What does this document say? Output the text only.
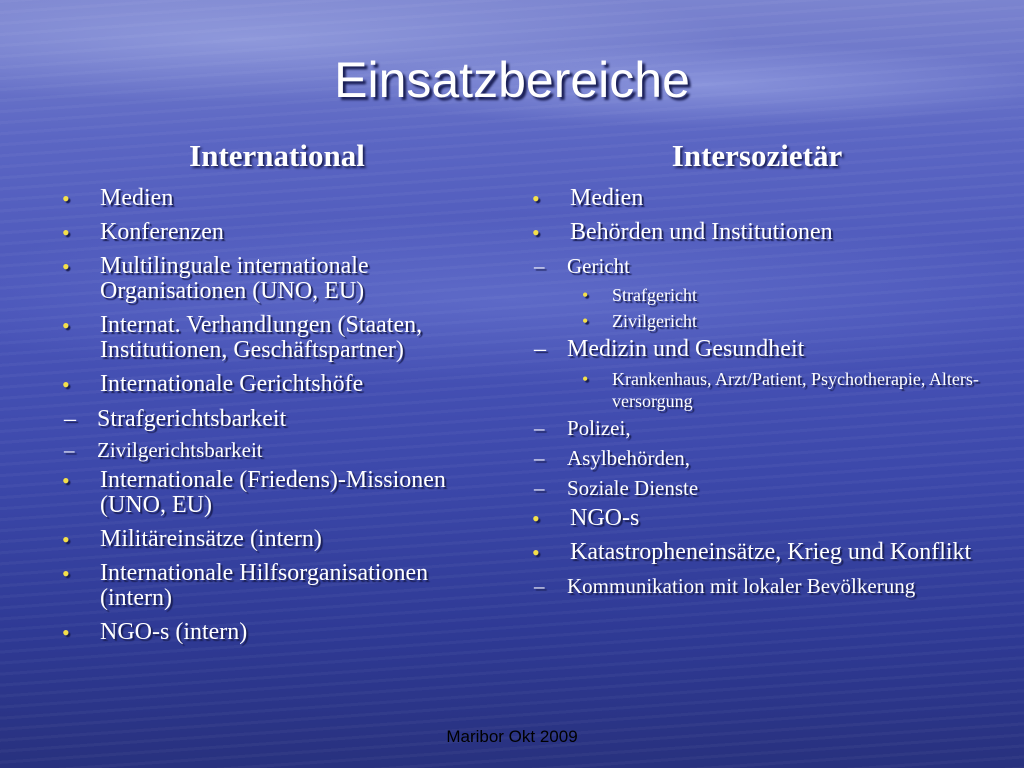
Einsatzbereiche
International
• Medien
• Konferenzen
• Multilinguale internationale Organisationen (UNO, EU)
• Internat. Verhandlungen (Staaten, Institutionen, Geschäftspartner)
• Internationale Gerichtshöfe
– Strafgerichtsbarkeit
– Zivilgerichtsbarkeit
• Internationale (Friedens)-Missionen (UNO, EU)
• Militäreinsätze (intern)
• Internationale Hilfsorganisationen (intern)
• NGO-s (intern)
Intersozietär
• Medien
• Behörden und Institutionen
– Gericht
• Strafgericht
• Zivilgericht
– Medizin und Gesundheit
• Krankenhaus, Arzt/Patient, Psychotherapie, Alters-versorgung
– Polizei,
– Asylbehörden,
– Soziale Dienste
• NGO-s
• Katastropheneinsätze, Krieg und Konflikt
– Kommunikation mit lokaler Bevölkerung
Maribor Okt 2009
